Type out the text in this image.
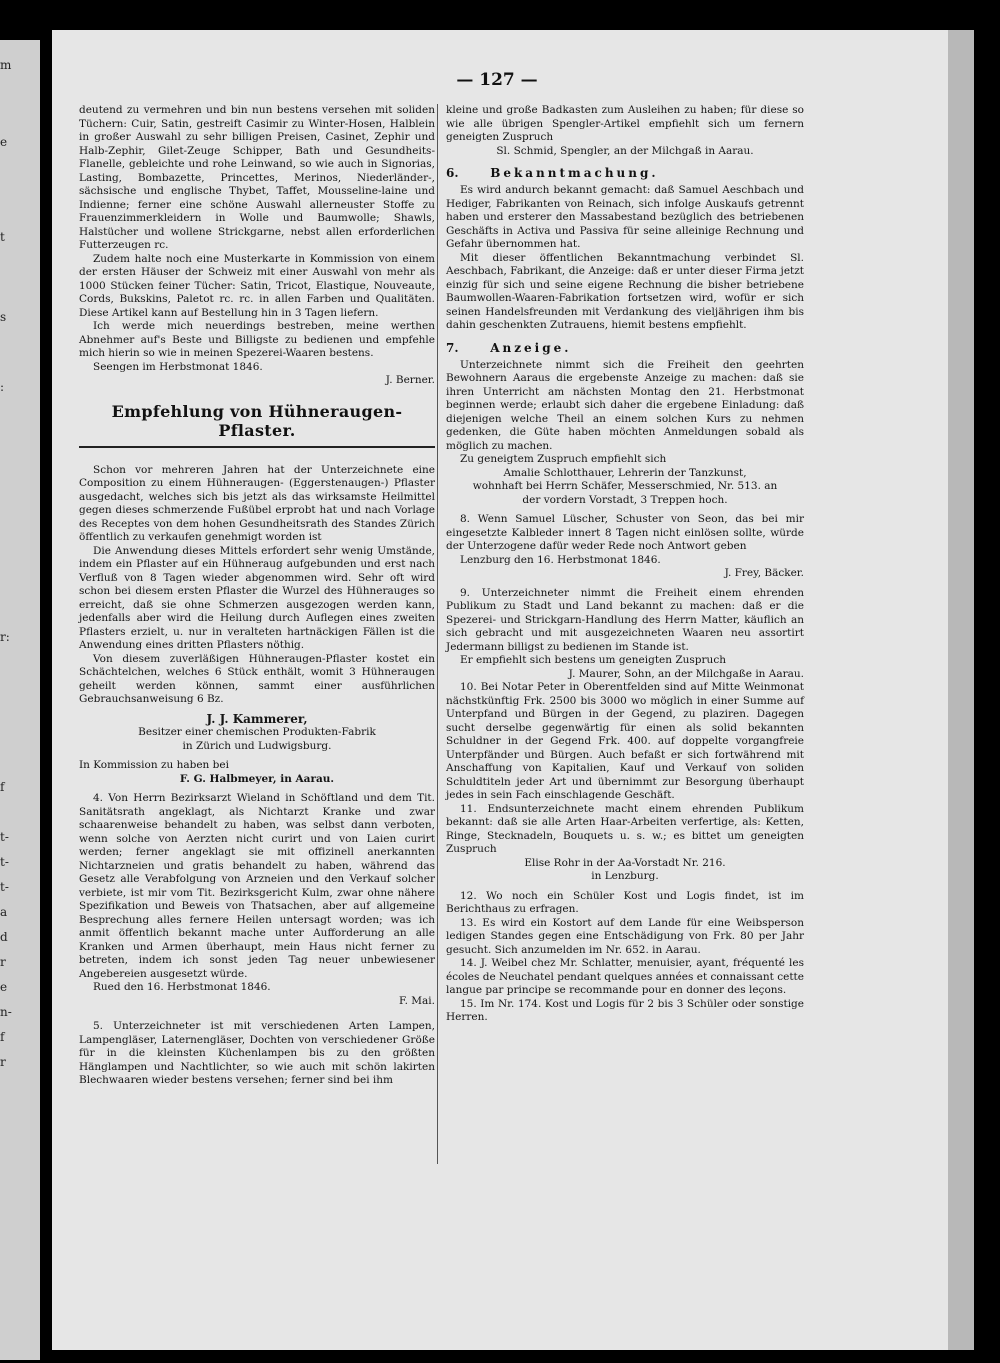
m
e
t
s
:
r:
f
t-
t-
t-
a
d
r
e
n-
f
r
— 127 —

deutend zu vermehren und bin nun bestens versehen mit soliden Tüchern: Cuir, Satin, gestreift Casimir zu Winter-Hosen, Halblein in großer Auswahl zu sehr billigen Preisen, Casinet, Zephir und Halb-Zephir, Gilet-Zeuge Schipper, Bath und Gesundheits-Flanelle, gebleichte und rohe Leinwand, so wie auch in Signorias, Lasting, Bombazette, Princettes, Merinos, Niederländer-, sächsische und englische Thybet, Taffet, Mousseline-laine und Indienne; ferner eine schöne Auswahl allerneuster Stoffe zu Frauenzimmerkleidern in Wolle und Baumwolle; Shawls, Halstücher und wollene Strickgarne, nebst allen erforderlichen Futterzeugen rc.

Zudem halte noch eine Musterkarte in Kommission von einem der ersten Häuser der Schweiz mit einer Auswahl von mehr als 1000 Stücken feiner Tücher: Satin, Tricot, Elastique, Nouveaute, Cords, Bukskins, Paletot rc. rc. in allen Farben und Qualitäten. Diese Artikel kann auf Bestellung hin in 3 Tagen liefern.

Ich werde mich neuerdings bestreben, meine werthen Abnehmer auf's Beste und Billigste zu bedienen und empfehle mich hierin so wie in meinen Spezerei-Waaren bestens.

Seengen im Herbstmonat 1846.

J. Berner.

Empfehlung von Hühneraugen-Pflaster.

Schon vor mehreren Jahren hat der Unterzeichnete eine Composition zu einem Hühneraugen- (Eggerstenaugen-) Pflaster ausgedacht, welches sich bis jetzt als das wirksamste Heilmittel gegen dieses schmerzende Fußübel erprobt hat und nach Vorlage des Receptes von dem hohen Gesundheitsrath des Standes Zürich öffentlich zu verkaufen genehmigt worden ist

Die Anwendung dieses Mittels erfordert sehr wenig Umstände, indem ein Pflaster auf ein Hühneraug aufgebunden und erst nach Verfluß von 8 Tagen wieder abgenommen wird. Sehr oft wird schon bei diesem ersten Pflaster die Wurzel des Hühnerauges so erreicht, daß sie ohne Schmerzen ausgezogen werden kann, jedenfalls aber wird die Heilung durch Auflegen eines zweiten Pflasters erzielt, u. nur in veralteten hartnäckigen Fällen ist die Anwendung eines dritten Pflasters nöthig.

Von diesem zuverläßigen Hühneraugen-Pflaster kostet ein Schächtelchen, welches 6 Stück enthält, womit 3 Hühneraugen geheilt werden können, sammt einer ausführlichen Gebrauchsanweisung 6 Bz.

J. J. Kammerer,

Besitzer einer chemischen Produkten-Fabrik

in Zürich und Ludwigsburg.

In Kommission zu haben bei

F. G. Halbmeyer, in Aarau.

4. Von Herrn Bezirksarzt Wieland in Schöftland und dem Tit. Sanitätsrath angeklagt, als Nichtarzt Kranke und zwar schaarenweise behandelt zu haben, was selbst dann verboten, wenn solche von Aerzten nicht curirt und von Laien curirt werden; ferner angeklagt sie mit offizinell anerkannten Nichtarzneien und gratis behandelt zu haben, während das Gesetz alle Verabfolgung von Arzneien und den Verkauf solcher verbiete, ist mir vom Tit. Bezirksgericht Kulm, zwar ohne nähere Spezifikation und Beweis von Thatsachen, aber auf allgemeine Besprechung alles fernere Heilen untersagt worden; was ich anmit öffentlich bekannt mache unter Aufforderung an alle Kranken und Armen überhaupt, mein Haus nicht ferner zu betreten, indem ich sonst jeden Tag neuer unbewiesener Angebereien ausgesetzt würde.

Rued den 16. Herbstmonat 1846.

F. Mai.

5. Unterzeichneter ist mit verschiedenen Arten Lampen, Lampengläser, Laternengläser, Dochten von verschiedener Größe für in die kleinsten Küchenlampen bis zu den größten Hänglampen und Nachtlichter, so wie auch mit schön lakirten Blechwaaren wieder bestens versehen; ferner sind bei ihm

kleine und große Badkasten zum Ausleihen zu haben; für diese so wie alle übrigen Spengler-Artikel empfiehlt sich um fernern geneigten Zuspruch

Sl. Schmid, Spengler, an der Milchgaß in Aarau.

6.	Bekanntmachung.

Es wird andurch bekannt gemacht: daß Samuel Aeschbach und Hediger, Fabrikanten von Reinach, sich infolge Auskaufs getrennt haben und ersterer den Massabestand bezüglich des betriebenen Geschäfts in Activa und Passiva für seine alleinige Rechnung und Gefahr übernommen hat.

Mit dieser öffentlichen Bekanntmachung verbindet Sl. Aeschbach, Fabrikant, die Anzeige: daß er unter dieser Firma jetzt einzig für sich und seine eigene Rechnung die bisher betriebene Baumwollen-Waaren-Fabrikation fortsetzen wird, wofür er sich seinen Handelsfreunden mit Verdankung des vieljährigen ihm bis dahin geschenkten Zutrauens, hiemit bestens empfiehlt.

7.	Anzeige.

Unterzeichnete nimmt sich die Freiheit den geehrten Bewohnern Aaraus die ergebenste Anzeige zu machen: daß sie ihren Unterricht am nächsten Montag den 21. Herbstmonat beginnen werde; erlaubt sich daher die ergebene Einladung: daß diejenigen welche Theil an einem solchen Kurs zu nehmen gedenken, die Güte haben möchten Anmeldungen sobald als möglich zu machen.

Zu geneigtem Zuspruch empfiehlt sich

Amalie Schlotthauer, Lehrerin der Tanzkunst,

wohnhaft bei Herrn Schäfer, Messerschmied, Nr. 513. an

der vordern Vorstadt, 3 Treppen hoch.

8. Wenn Samuel Lüscher, Schuster von Seon, das bei mir eingesetzte Kalbleder innert 8 Tagen nicht einlösen sollte, würde der Unterzogene dafür weder Rede noch Antwort geben

Lenzburg den 16. Herbstmonat 1846.

J. Frey, Bäcker.

9. Unterzeichneter nimmt die Freiheit einem ehrenden Publikum zu Stadt und Land bekannt zu machen: daß er die Spezerei- und Strickgarn-Handlung des Herrn Matter, käuflich an sich gebracht und mit ausgezeichneten Waaren neu assortirt Jedermann billigst zu bedienen im Stande ist.

Er empfiehlt sich bestens um geneigten Zuspruch

J. Maurer, Sohn, an der Milchgaße in Aarau.

10. Bei Notar Peter in Oberentfelden sind auf Mitte Weinmonat nächstkünftig Frk. 2500 bis 3000 wo möglich in einer Summe auf Unterpfand und Bürgen in der Gegend, zu plaziren. Dagegen sucht derselbe gegenwärtig für einen als solid bekannten Schuldner in der Gegend Frk. 400. auf doppelte vorgangfreie Unterpfänder und Bürgen. Auch befaßt er sich fortwährend mit Anschaffung von Kapitalien, Kauf und Verkauf von soliden Schuldtiteln jeder Art und übernimmt zur Besorgung überhaupt jedes in sein Fach einschlagende Geschäft.

11. Endsunterzeichnete macht einem ehrenden Publikum bekannt: daß sie alle Arten Haar-Arbeiten verfertige, als: Ketten, Ringe, Stecknadeln, Bouquets u. s. w.; es bittet um geneigten Zuspruch

Elise Rohr in der Aa-Vorstadt Nr. 216.

in Lenzburg.

12. Wo noch ein Schüler Kost und Logis findet, ist im Berichthaus zu erfragen.

13. Es wird ein Kostort auf dem Lande für eine Weibsperson ledigen Standes gegen eine Entschädigung von Frk. 80 per Jahr gesucht. Sich anzumelden im Nr. 652. in Aarau.

14. J. Weibel chez Mr. Schlatter, menuisier, ayant, fréquenté les écoles de Neuchatel pendant quelques années et connaissant cette langue par principe se recommande pour en donner des leçons.

15. Im Nr. 174. Kost und Logis für 2 bis 3 Schüler oder sonstige Herren.
